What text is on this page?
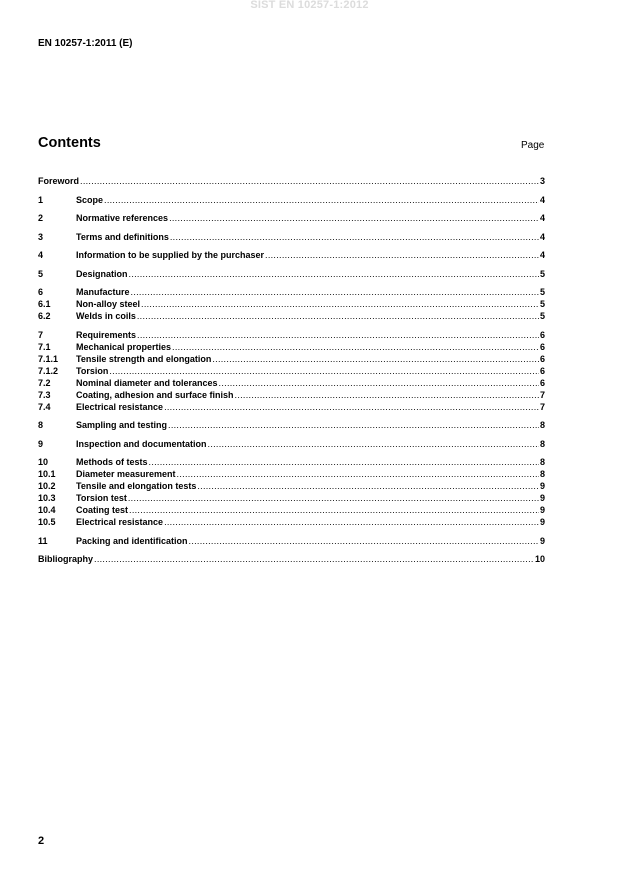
SIST EN 10257-1:2012
EN 10257-1:2011 (E)
Contents	Page
Foreword .....	3
1	Scope .....	4
2	Normative references .....	4
3	Terms and definitions .....	4
4	Information to be supplied by the purchaser .....	4
5	Designation .....	5
6	Manufacture .....	5
6.1	Non-alloy steel .....	5
6.2	Welds in coils .....	5
7	Requirements .....	6
7.1	Mechanical properties .....	6
7.1.1	Tensile strength and elongation .....	6
7.1.2	Torsion .....	6
7.2	Nominal diameter and tolerances .....	6
7.3	Coating, adhesion and surface finish .....	7
7.4	Electrical resistance .....	7
8	Sampling and testing .....	8
9	Inspection and documentation .....	8
10	Methods of tests .....	8
10.1	Diameter measurement .....	8
10.2	Tensile and elongation tests .....	9
10.3	Torsion test .....	9
10.4	Coating test .....	9
10.5	Electrical resistance .....	9
11	Packing and identification .....	9
Bibliography .....	10
2
